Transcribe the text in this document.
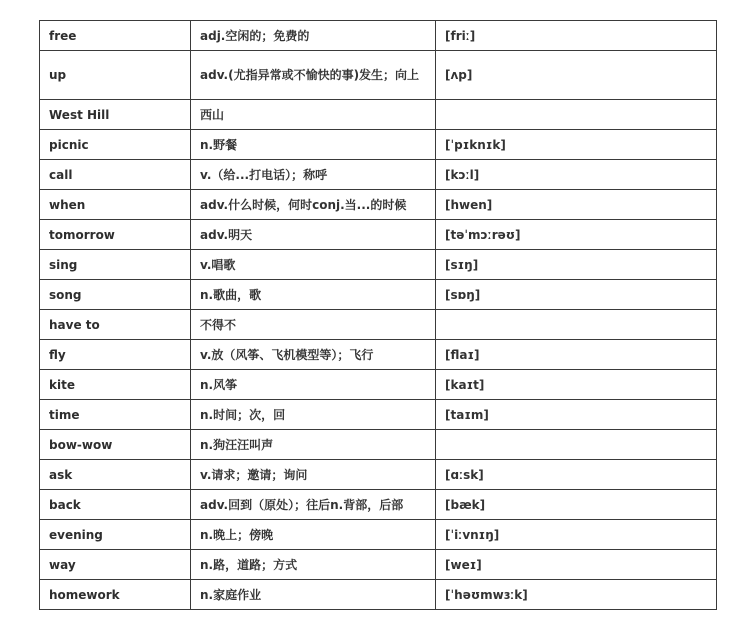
free	adj.空闲的；免费的	[friː]
up	adv.(尤指异常或不愉快的事)发生；向上	[ʌp]
West Hill	西山	
picnic	n.野餐	[ˈpɪknɪk]
call	v.（给...打电话）；称呼	[kɔːl]
when	adv.什么时候，何时conj.当...的时候	[hwen]
tomorrow	adv.明天	[təˈmɔːrəʊ]
sing	v.唱歌	[sɪŋ]
song	n.歌曲，歌	[sɒŋ]
have to	不得不	
fly	v.放（风筝、飞机模型等）；飞行	[flaɪ]
kite	n.风筝	[kaɪt]
time	n.时间；次，回	[taɪm]
bow-wow	n.狗汪汪叫声	
ask	v.请求；邀请；询问	[ɑːsk]
back	adv.回到（原处）；往后n.背部，后部	[bæk]
evening	n.晚上；傍晚	[ˈiːvnɪŋ]
way	n.路，道路；方式	[weɪ]
homework	n.家庭作业	[ˈhəʊmwɜːk]
